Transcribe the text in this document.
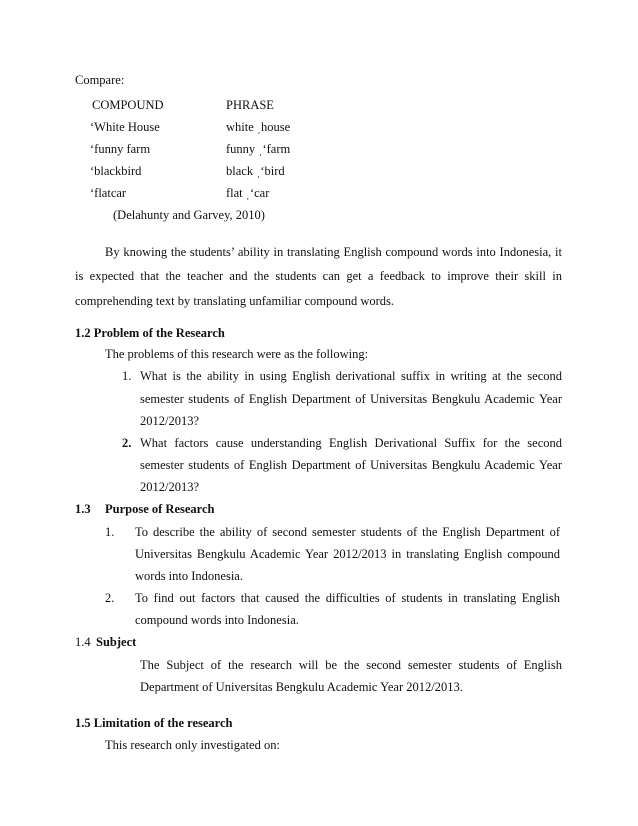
Compare:
COMPOUND	PHRASE
‘White House	white ˌhouse
‘funny farm	funny ˌ‘farm
‘blackbird	black ˌ‘bird
‘flatcar	flat ˌ‘car
(Delahunty and Garvey, 2010)
By knowing the students’ ability in translating English compound words into Indonesia, it
is expected that the teacher and the students can get a feedback to improve their skill in
comprehending text by translating unfamiliar compound words.
1.2 Problem of the Research
The problems of this research were as the following:
1. What is the ability in using English derivational suffix in writing at the second
semester students of English Department of Universitas Bengkulu Academic Year
2012/2013?
2. What factors cause understanding English Derivational Suffix for the second
semester students of English Department of Universitas Bengkulu Academic Year
2012/2013?
1.3 Purpose of Research
1. To describe the ability of second semester students of the English Department of
Universitas Bengkulu Academic Year 2012/2013 in translating English compound
words into Indonesia.
2. To find out factors that caused the difficulties of students in translating English
compound words into Indonesia.
1.4 Subject
The Subject of the research will be the second semester students of English
Department of Universitas Bengkulu Academic Year 2012/2013.
1.5 Limitation of the research
This research only investigated on:
